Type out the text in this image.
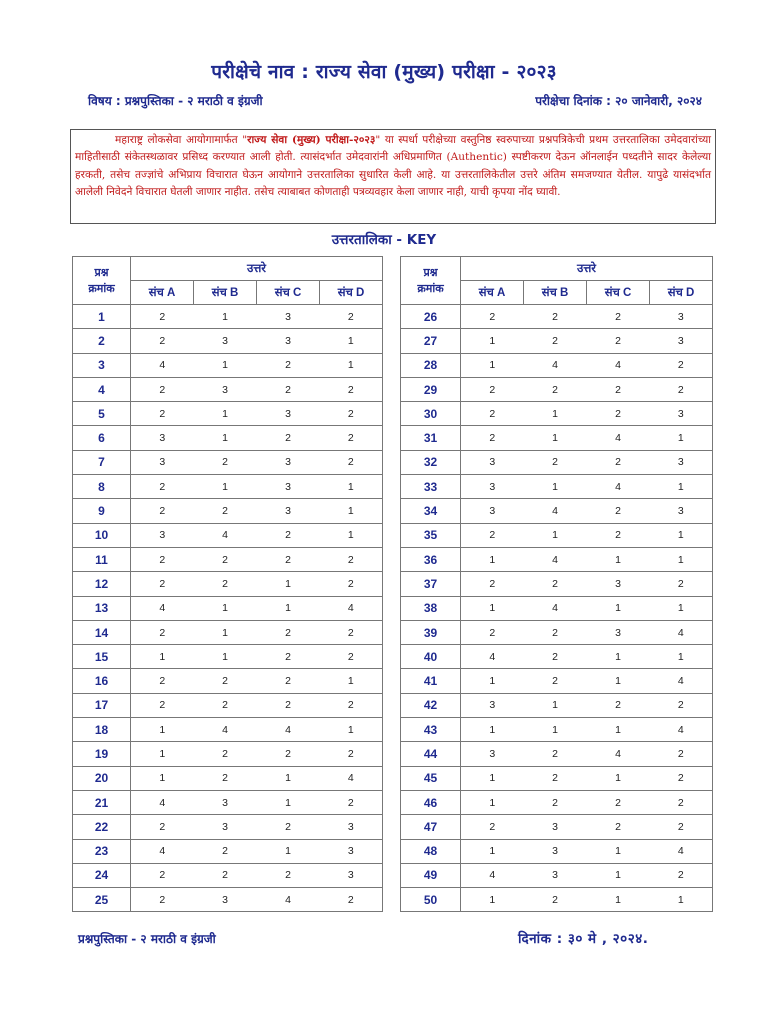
परीक्षेचे नाव : राज्य सेवा (मुख्य) परीक्षा - २०२३
विषय : प्रश्नपुस्तिका - २ मराठी व इंग्रजी	परीक्षेचा दिनांक : २० जानेवारी, २०२४
महाराष्ट्र लोकसेवा आयोगामार्फत "राज्य सेवा (मुख्य) परीक्षा-२०२३" या स्पर्धा परीक्षेच्या वस्तुनिष्ठ स्वरुपाच्या प्रश्नपत्रिकेची प्रथम उत्तरतालिका उमेदवारांच्या माहितीसाठी संकेतस्थळावर प्रसिध्द करण्यात आली होती. त्यासंदर्भात उमेदवारांनी अधिप्रमाणित (Authentic) स्पष्टीकरण देऊन ऑनलाईन पध्दतीने सादर केलेल्या हरकती, तसेच तज्ज्ञांचे अभिप्राय विचारात घेऊन आयोगाने उत्तरतालिका सुधारित केली आहे. या उत्तरतालिकेतील उत्तरे अंतिम समजण्यात येतील. यापुढे यासंदर्भात आलेली निवेदने विचारात घेतली जाणार नाहीत. तसेच त्याबाबत कोणताही पत्रव्यवहार केला जाणार नाही, याची कृपया नोंद घ्यावी.
उत्तरतालिका - KEY
प्रश्न
क्रमांक	उत्तरे			
	संच A	संच B	संच C	संच D
1	2	1	3	2
2	2	3	3	1
3	4	1	2	1
4	2	3	2	2
5	2	1	3	2
6	3	1	2	2
7	3	2	3	2
8	2	1	3	1
9	2	2	3	1
10	3	4	2	1
11	2	2	2	2
12	2	2	1	2
13	4	1	1	4
14	2	1	2	2
15	1	1	2	2
16	2	2	2	1
17	2	2	2	2
18	1	4	4	1
19	1	2	2	2
20	1	2	1	4
21	4	3	1	2
22	2	3	2	3
23	4	2	1	3
24	2	2	2	3
25	2	3	4	2
प्रश्न
क्रमांक	उत्तरे			
	संच A	संच B	संच C	संच D
26	2	2	2	3
27	1	2	2	3
28	1	4	4	2
29	2	2	2	2
30	2	1	2	3
31	2	1	4	1
32	3	2	2	3
33	3	1	4	1
34	3	4	2	3
35	2	1	2	1
36	1	4	1	1
37	2	2	3	2
38	1	4	1	1
39	2	2	3	4
40	4	2	1	1
41	1	2	1	4
42	3	1	2	2
43	1	1	1	4
44	3	2	4	2
45	1	2	1	2
46	1	2	2	2
47	2	3	2	2
48	1	3	1	4
49	4	3	1	2
50	1	2	1	1
प्रश्नपुस्तिका - २ मराठी व इंग्रजी	दिनांक : ३० मे , २०२४.
